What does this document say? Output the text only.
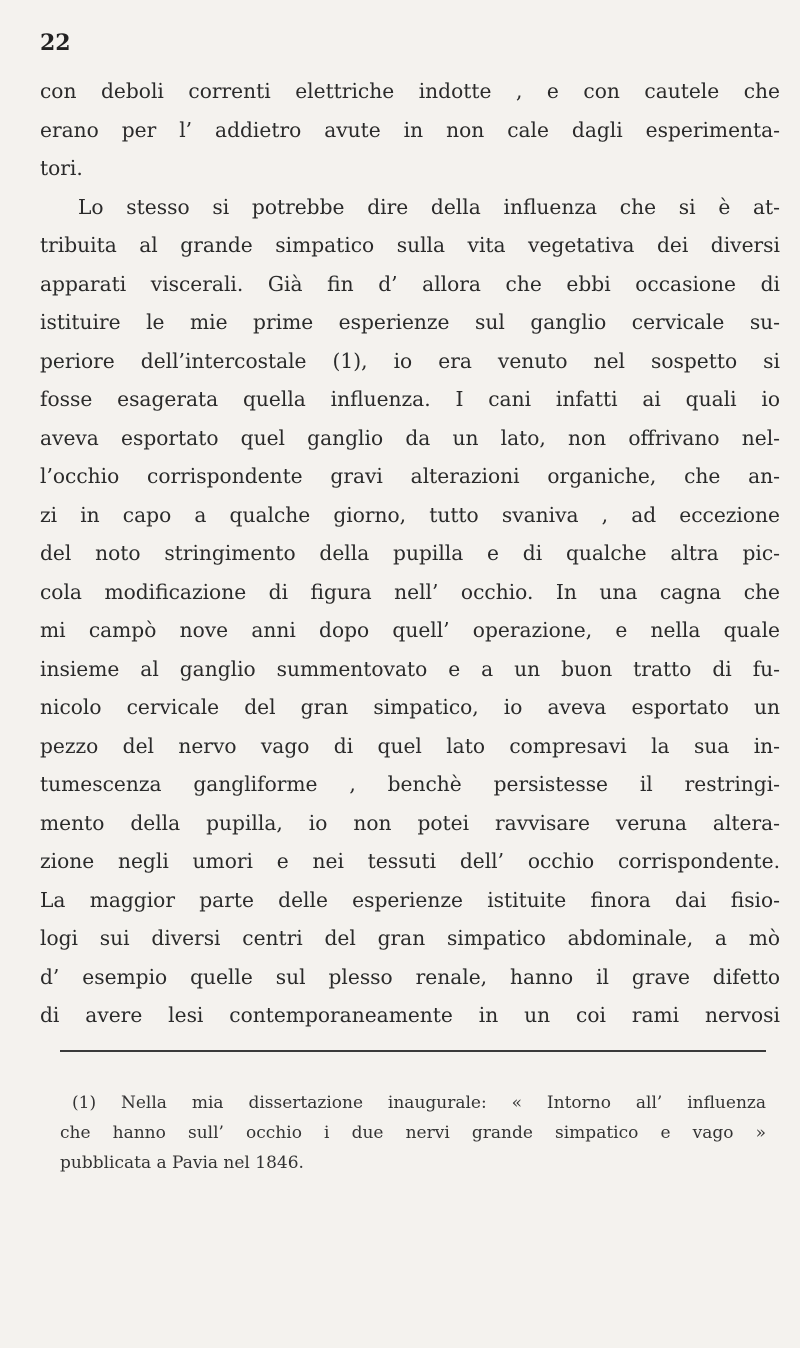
22
con deboli correnti elettriche indotte , e con cautele che
erano per l’ addietro avute in non cale dagli esperimenta-
tori.
Lo stesso si potrebbe dire della influenza che si è at-
tribuita al grande simpatico sulla vita vegetativa dei diversi
apparati viscerali. Già fin d’ allora che ebbi occasione di
istituire le mie prime esperienze sul ganglio cervicale su-
periore dell’intercostale (1), io era venuto nel sospetto si
fosse esagerata quella influenza. I cani infatti ai quali io
aveva esportato quel ganglio da un lato, non offrivano nel-
l’occhio corrispondente gravi alterazioni organiche, che an-
zi in capo a qualche giorno, tutto svaniva , ad eccezione
del noto stringimento della pupilla e di qualche altra pic-
cola modificazione di figura nell’ occhio. In una cagna che
mi campò nove anni dopo quell’ operazione, e nella quale
insieme al ganglio summentovato e a un buon tratto di fu-
nicolo cervicale del gran simpatico, io aveva esportato un
pezzo del nervo vago di quel lato compresavi la sua in-
tumescenza gangliforme , benchè persistesse il restringi-
mento della pupilla, io non potei ravvisare veruna altera-
zione negli umori e nei tessuti dell’ occhio corrispondente.
La maggior parte delle esperienze istituite finora dai fisio-
logi sui diversi centri del gran simpatico abdominale, a mò
d’ esempio quelle sul plesso renale, hanno il grave difetto
di avere lesi contemporaneamente in un coi rami nervosi
(1) Nella mia dissertazione inaugurale: « Intorno all’ influenza
che hanno sull’ occhio i due nervi grande simpatico e vago »
pubblicata a Pavia nel 1846.
